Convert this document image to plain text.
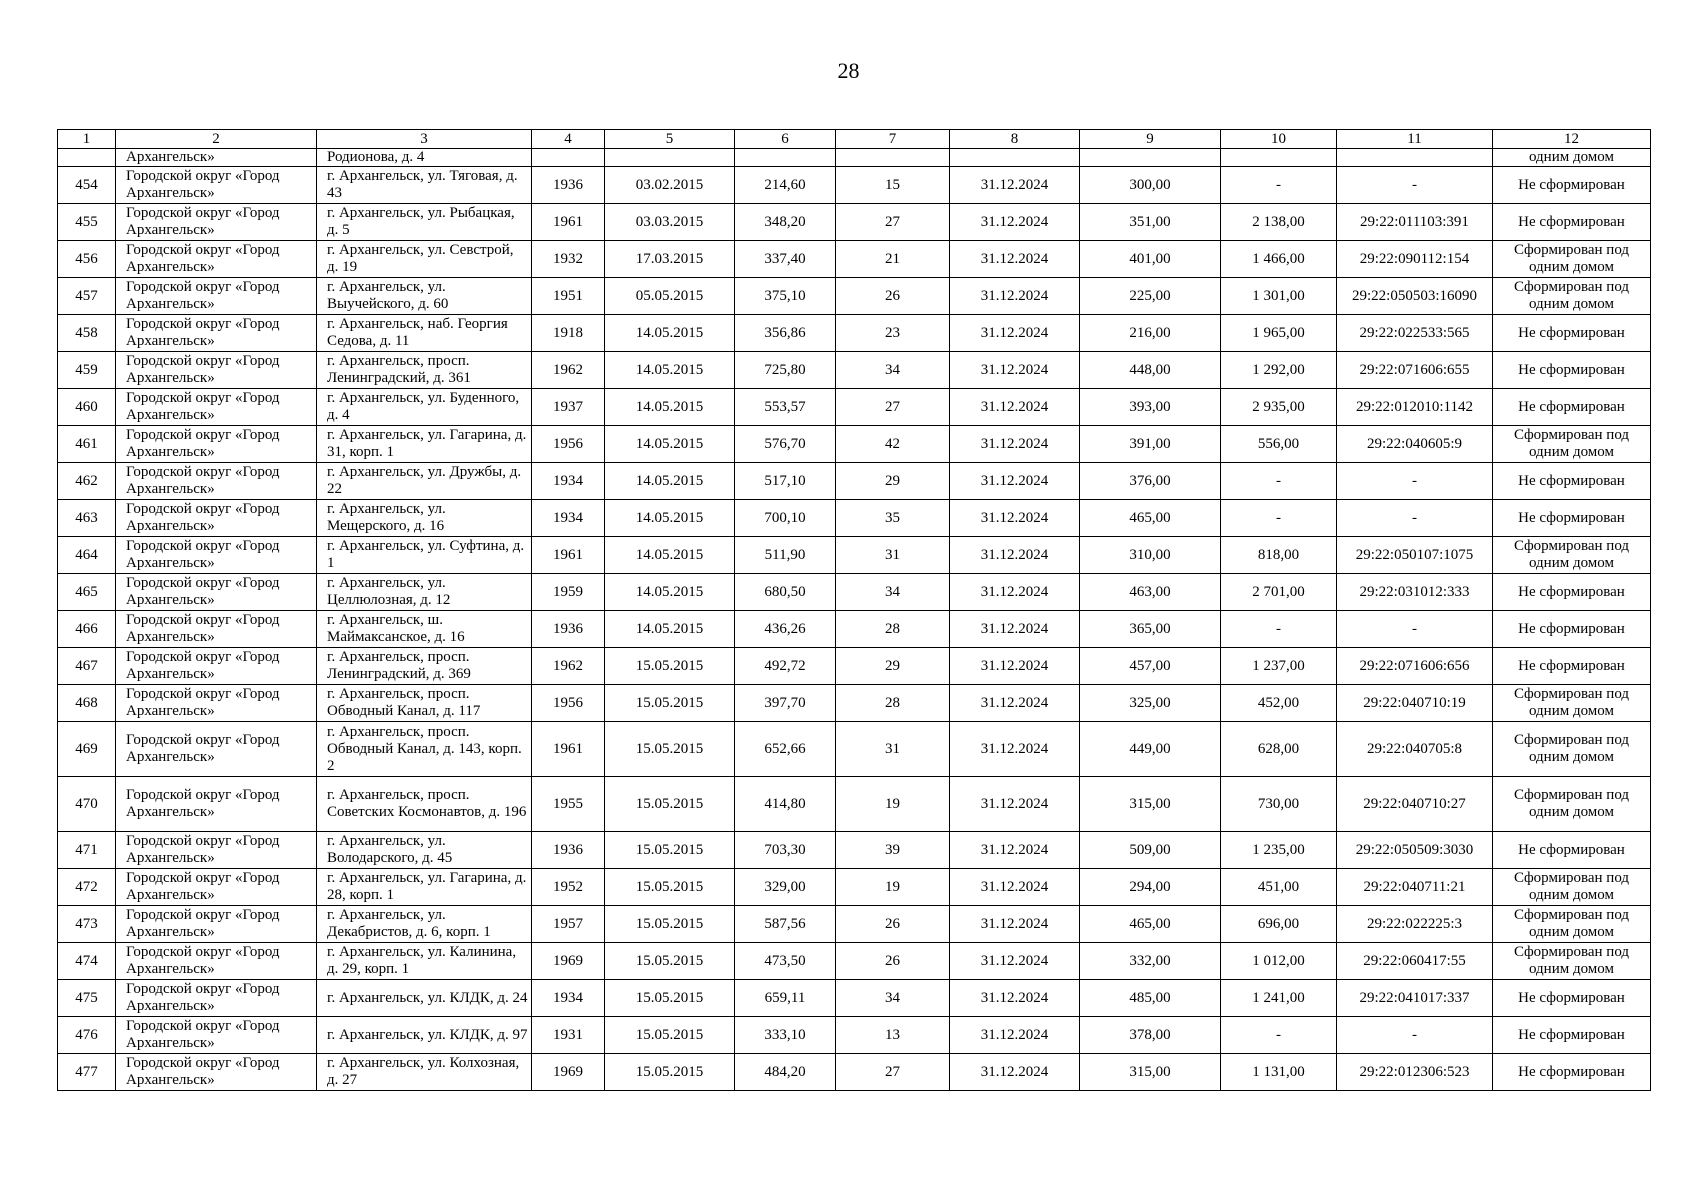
28
1	2	3	4	5	6	7	8	9	10	11	12
	Архангельск»	Родионова, д. 4									одним домом
454	Городской округ «Город Архангельск»	г. Архангельск, ул. Тяговая, д. 43	1936	03.02.2015	214,60	15	31.12.2024	300,00	-	-	Не сформирован
455	Городской округ «Город Архангельск»	г. Архангельск, ул. Рыбацкая, д. 5	1961	03.03.2015	348,20	27	31.12.2024	351,00	2 138,00	29:22:011103:391	Не сформирован
456	Городской округ «Город Архангельск»	г. Архангельск, ул. Севстрой, д. 19	1932	17.03.2015	337,40	21	31.12.2024	401,00	1 466,00	29:22:090112:154	Сформирован под одним домом
457	Городской округ «Город Архангельск»	г. Архангельск, ул. Выучейского, д. 60	1951	05.05.2015	375,10	26	31.12.2024	225,00	1 301,00	29:22:050503:16090	Сформирован под одним домом
458	Городской округ «Город Архангельск»	г. Архангельск, наб. Георгия Седова, д. 11	1918	14.05.2015	356,86	23	31.12.2024	216,00	1 965,00	29:22:022533:565	Не сформирован
459	Городской округ «Город Архангельск»	г. Архангельск, просп. Ленинградский, д. 361	1962	14.05.2015	725,80	34	31.12.2024	448,00	1 292,00	29:22:071606:655	Не сформирован
460	Городской округ «Город Архангельск»	г. Архангельск, ул. Буденного, д. 4	1937	14.05.2015	553,57	27	31.12.2024	393,00	2 935,00	29:22:012010:1142	Не сформирован
461	Городской округ «Город Архангельск»	г. Архангельск, ул. Гагарина, д. 31, корп. 1	1956	14.05.2015	576,70	42	31.12.2024	391,00	556,00	29:22:040605:9	Сформирован под одним домом
462	Городской округ «Город Архангельск»	г. Архангельск, ул. Дружбы, д. 22	1934	14.05.2015	517,10	29	31.12.2024	376,00	-	-	Не сформирован
463	Городской округ «Город Архангельск»	г. Архангельск, ул. Мещерского, д. 16	1934	14.05.2015	700,10	35	31.12.2024	465,00	-	-	Не сформирован
464	Городской округ «Город Архангельск»	г. Архангельск, ул. Суфтина, д. 1	1961	14.05.2015	511,90	31	31.12.2024	310,00	818,00	29:22:050107:1075	Сформирован под одним домом
465	Городской округ «Город Архангельск»	г. Архангельск, ул. Целлюлозная, д. 12	1959	14.05.2015	680,50	34	31.12.2024	463,00	2 701,00	29:22:031012:333	Не сформирован
466	Городской округ «Город Архангельск»	г. Архангельск, ш. Маймаксанское, д. 16	1936	14.05.2015	436,26	28	31.12.2024	365,00	-	-	Не сформирован
467	Городской округ «Город Архангельск»	г. Архангельск, просп. Ленинградский, д. 369	1962	15.05.2015	492,72	29	31.12.2024	457,00	1 237,00	29:22:071606:656	Не сформирован
468	Городской округ «Город Архангельск»	г. Архангельск, просп. Обводный Канал, д. 117	1956	15.05.2015	397,70	28	31.12.2024	325,00	452,00	29:22:040710:19	Сформирован под одним домом
469	Городской округ «Город Архангельск»	г. Архангельск, просп. Обводный Канал, д. 143, корп. 2	1961	15.05.2015	652,66	31	31.12.2024	449,00	628,00	29:22:040705:8	Сформирован под одним домом
470	Городской округ «Город Архангельск»	г. Архангельск, просп. Советских Космонавтов, д. 196	1955	15.05.2015	414,80	19	31.12.2024	315,00	730,00	29:22:040710:27	Сформирован под одним домом
471	Городской округ «Город Архангельск»	г. Архангельск, ул. Володарского, д. 45	1936	15.05.2015	703,30	39	31.12.2024	509,00	1 235,00	29:22:050509:3030	Не сформирован
472	Городской округ «Город Архангельск»	г. Архангельск, ул. Гагарина, д. 28, корп. 1	1952	15.05.2015	329,00	19	31.12.2024	294,00	451,00	29:22:040711:21	Сформирован под одним домом
473	Городской округ «Город Архангельск»	г. Архангельск, ул. Декабристов, д. 6, корп. 1	1957	15.05.2015	587,56	26	31.12.2024	465,00	696,00	29:22:022225:3	Сформирован под одним домом
474	Городской округ «Город Архангельск»	г. Архангельск, ул. Калинина, д. 29, корп. 1	1969	15.05.2015	473,50	26	31.12.2024	332,00	1 012,00	29:22:060417:55	Сформирован под одним домом
475	Городской округ «Город Архангельск»	г. Архангельск, ул. КЛДК, д. 24	1934	15.05.2015	659,11	34	31.12.2024	485,00	1 241,00	29:22:041017:337	Не сформирован
476	Городской округ «Город Архангельск»	г. Архангельск, ул. КЛДК, д. 97	1931	15.05.2015	333,10	13	31.12.2024	378,00	-	-	Не сформирован
477	Городской округ «Город Архангельск»	г. Архангельск, ул. Колхозная, д. 27	1969	15.05.2015	484,20	27	31.12.2024	315,00	1 131,00	29:22:012306:523	Не сформирован
